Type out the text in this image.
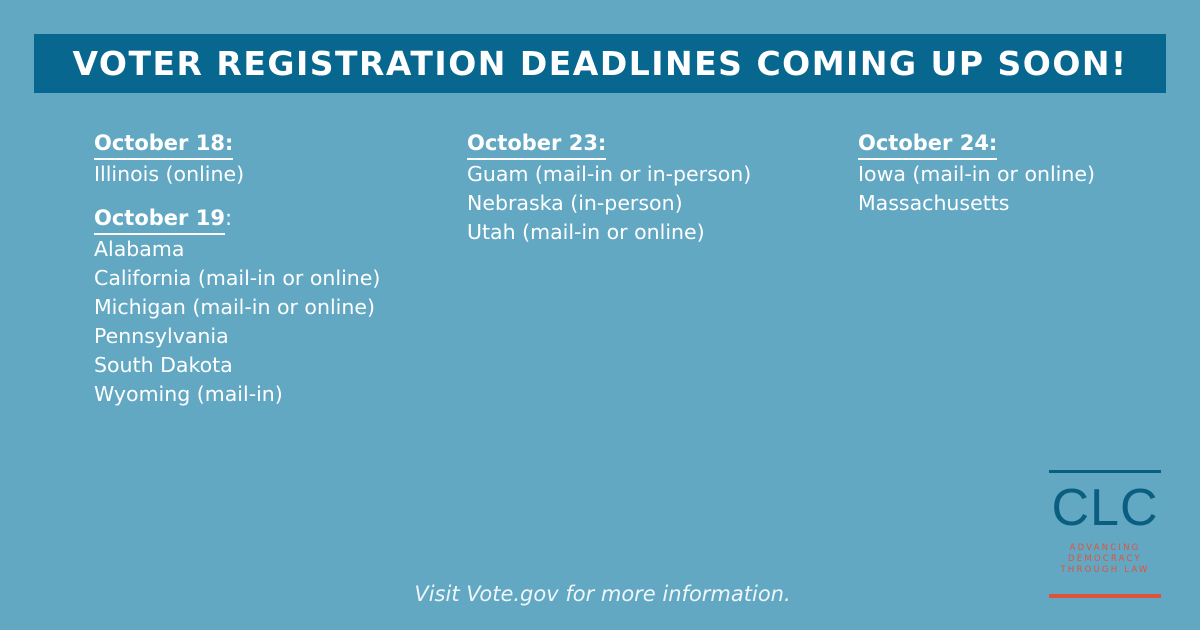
VOTER REGISTRATION DEADLINES COMING UP SOON!
October 18:
Illinois (online)
October 19:
Alabama
California (mail-in or online)
Michigan (mail-in or online)
Pennsylvania
South Dakota
Wyoming (mail-in)
October 23:
Guam (mail-in or in-person)
Nebraska (in-person)
Utah (mail-in or online)
October 24:
Iowa (mail-in or online)
Massachusetts
Visit Vote.gov for more information.
CLC
ADVANCING
DEMOCRACY
THROUGH LAW
